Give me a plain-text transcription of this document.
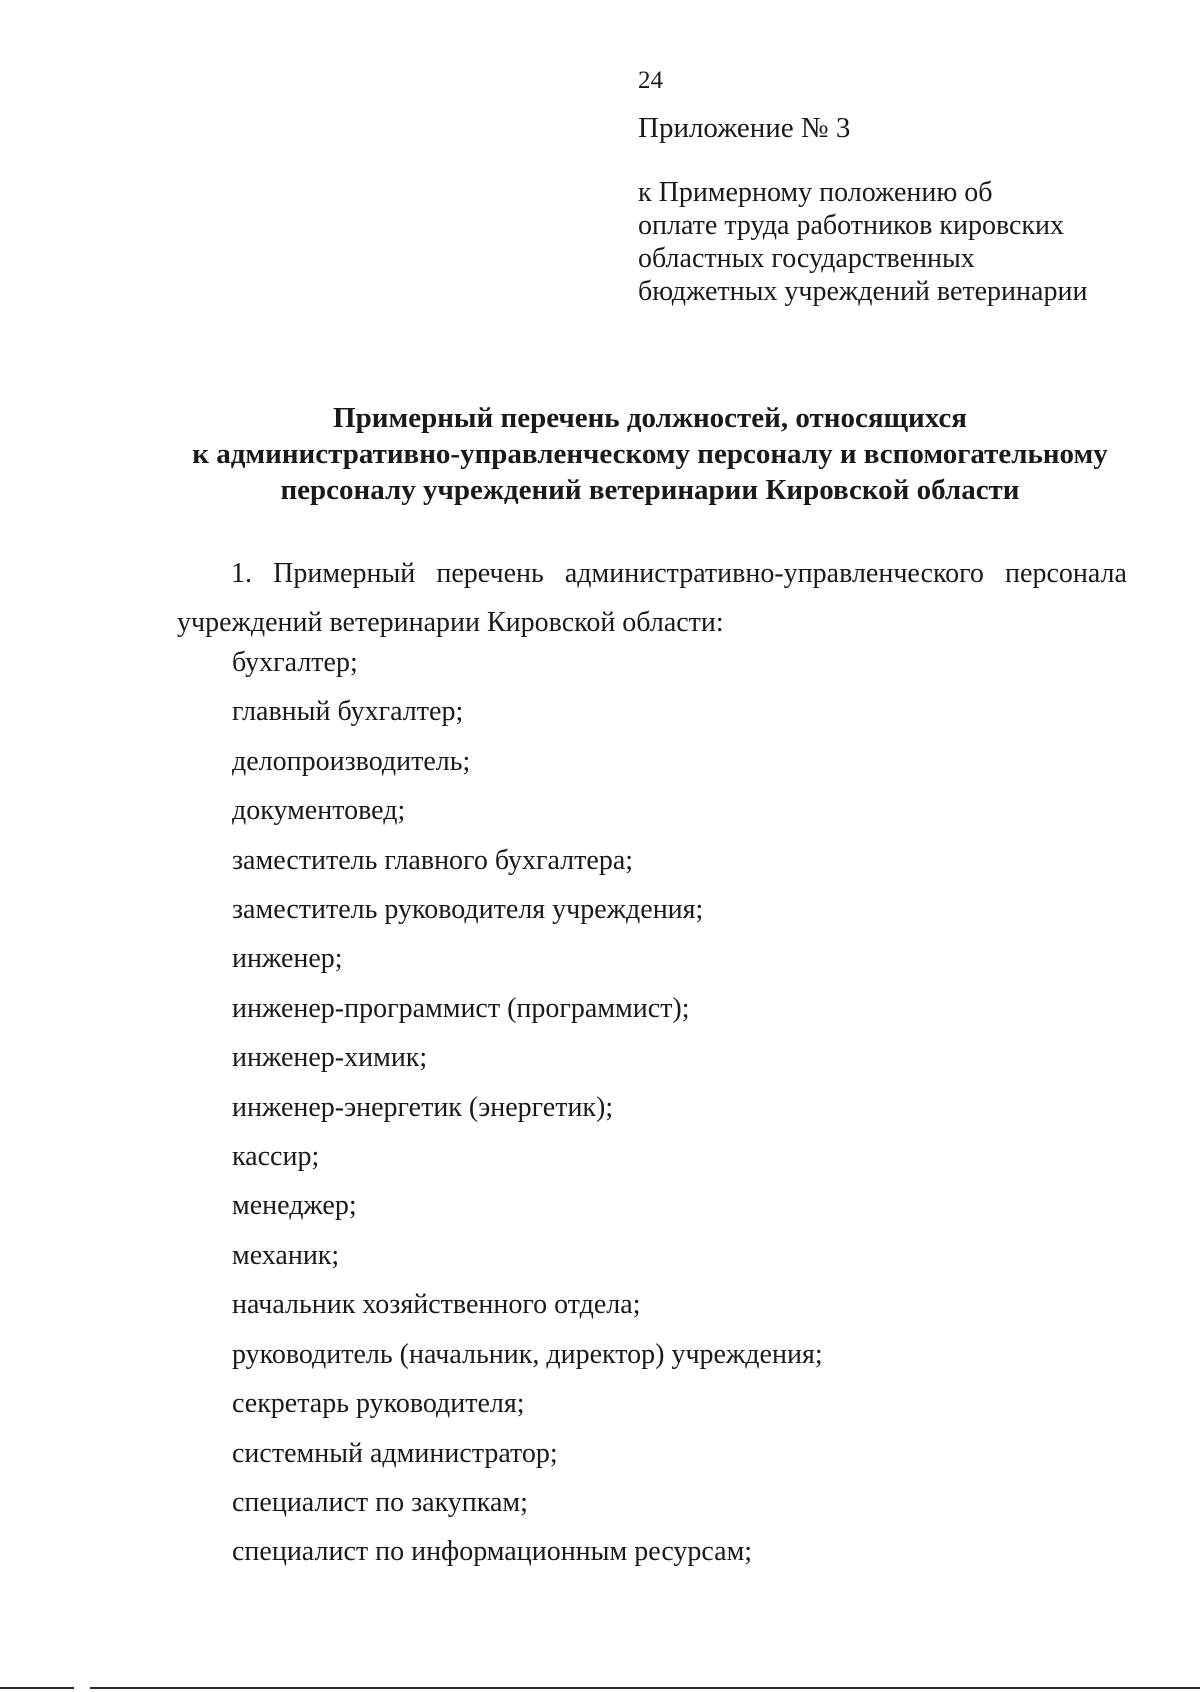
24
Приложение № 3
к Примерному положению об
оплате труда работников кировских
областных государственных
бюджетных учреждений ветеринарии
Примерный перечень должностей, относящихся
к административно-управленческому персоналу и вспомогательному
персоналу учреждений ветеринарии Кировской области
1. Примерный перечень административно-управленческого персонала
учреждений ветеринарии Кировской области:
бухгалтер;
главный бухгалтер;
делопроизводитель;
документовед;
заместитель главного бухгалтера;
заместитель руководителя учреждения;
инженер;
инженер-программист (программист);
инженер-химик;
инженер-энергетик (энергетик);
кассир;
менеджер;
механик;
начальник хозяйственного отдела;
руководитель (начальник, директор) учреждения;
секретарь руководителя;
системный администратор;
специалист по закупкам;
специалист по информационным ресурсам;
